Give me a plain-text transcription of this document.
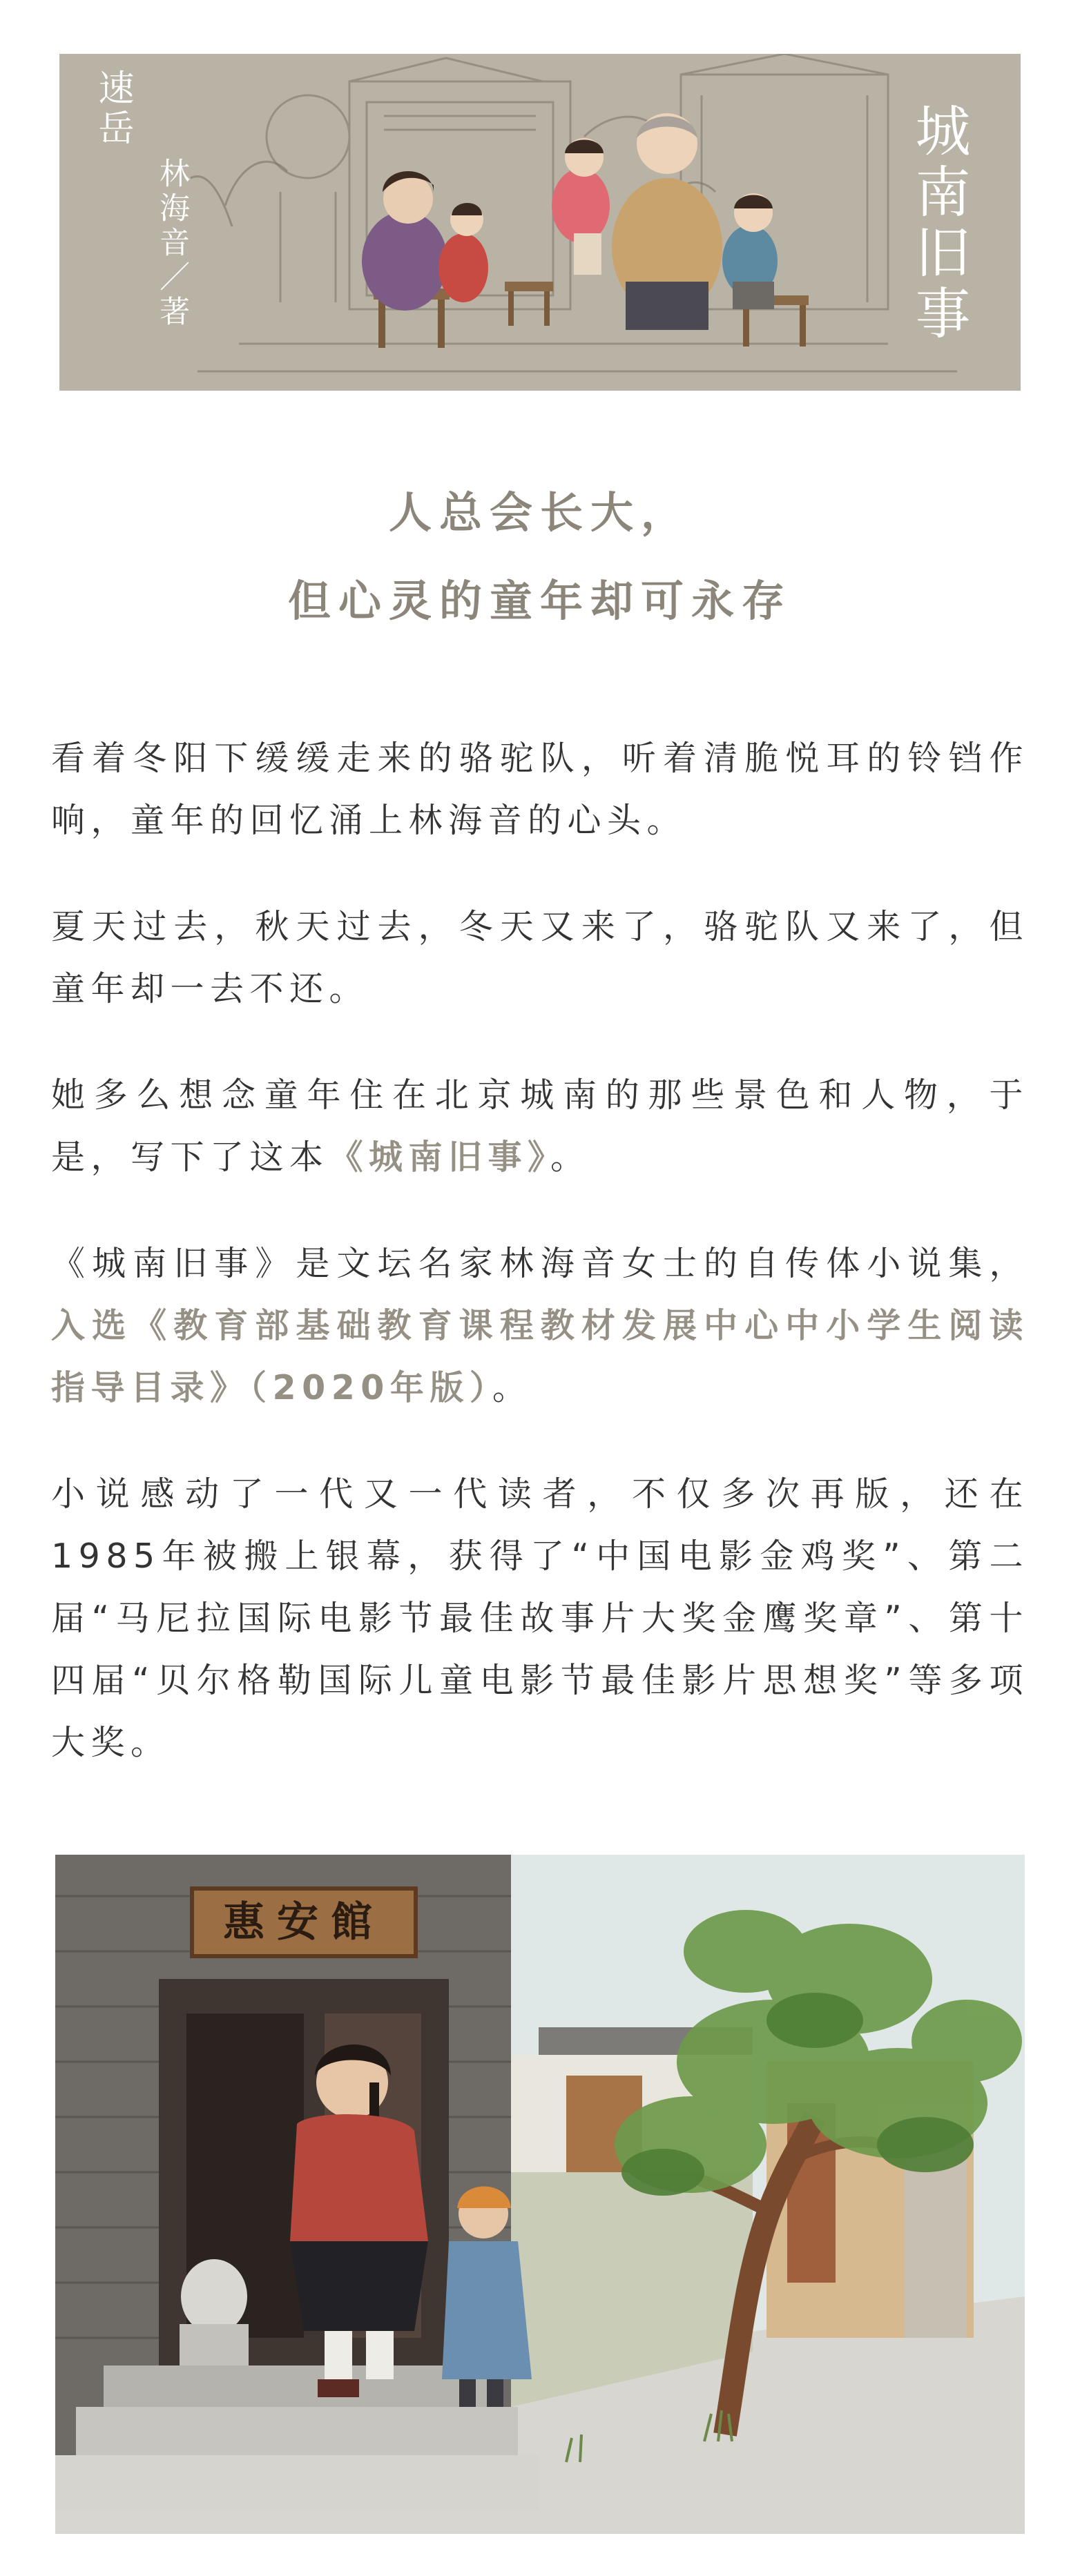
速岳
林海音／著	城南旧事
人总会长大，
但心灵的童年却可永存

看着冬阳下缓缓走来的骆驼队，听着清脆悦耳的铃铛作响，童年的回忆涌上林海音的心头。

夏天过去，秋天过去，冬天又来了，骆驼队又来了，但童年却一去不还。

她多么想念童年住在北京城南的那些景色和人物，于是，写下了这本《城南旧事》。

《城南旧事》是文坛名家林海音女士的自传体小说集，入选《教育部基础教育课程教材发展中心中小学生阅读指导目录》（2020年版）。

小说感动了一代又一代读者，不仅多次再版，还在1985年被搬上银幕，获得了“中国电影金鸡奖”、第二届“马尼拉国际电影节最佳故事片大奖金鹰奖章”、第十四届“贝尔格勒国际儿童电影节最佳影片思想奖”等多项大奖。

惠安館
